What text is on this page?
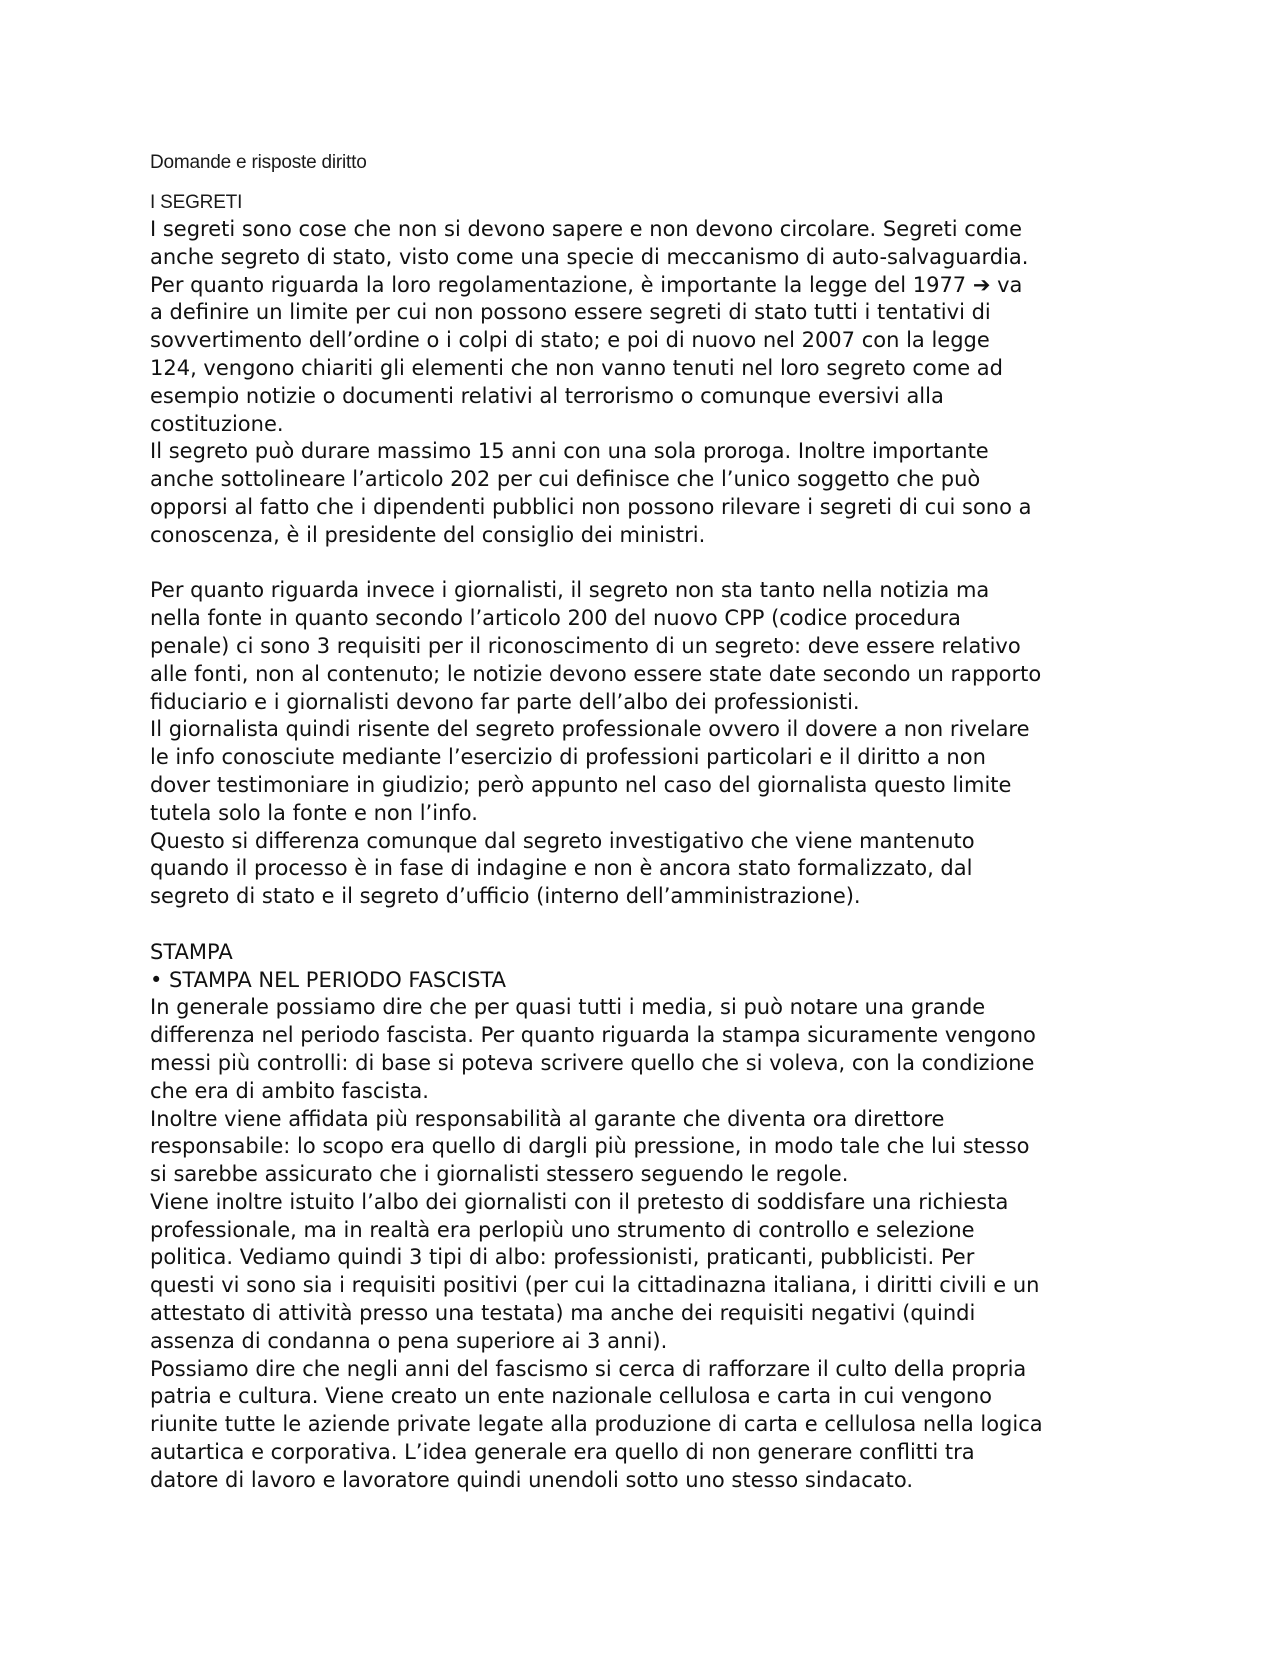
Domande e risposte diritto

I SEGRETI

I segreti sono cose che non si devono sapere e non devono circolare. Segreti come
anche segreto di stato, visto come una specie di meccanismo di auto-salvaguardia.
Per quanto riguarda la loro regolamentazione, è importante la legge del 1977 ➔ va
a definire un limite per cui non possono essere segreti di stato tutti i tentativi di
sovvertimento dell’ordine o i colpi di stato; e poi di nuovo nel 2007 con la legge
124, vengono chiariti gli elementi che non vanno tenuti nel loro segreto come ad
esempio notizie o documenti relativi al terrorismo o comunque eversivi alla
costituzione.
Il segreto può durare massimo 15 anni con una sola proroga. Inoltre importante
anche sottolineare l’articolo 202 per cui definisce che l’unico soggetto che può
opporsi al fatto che i dipendenti pubblici non possono rilevare i segreti di cui sono a
conoscenza, è il presidente del consiglio dei ministri.

Per quanto riguarda invece i giornalisti, il segreto non sta tanto nella notizia ma
nella fonte in quanto secondo l’articolo 200 del nuovo CPP (codice procedura
penale) ci sono 3 requisiti per il riconoscimento di un segreto: deve essere relativo
alle fonti, non al contenuto; le notizie devono essere state date secondo un rapporto
fiduciario e i giornalisti devono far parte dell’albo dei professionisti.
Il giornalista quindi risente del segreto professionale ovvero il dovere a non rivelare
le info conosciute mediante l’esercizio di professioni particolari e il diritto a non
dover testimoniare in giudizio; però appunto nel caso del giornalista questo limite
tutela solo la fonte e non l’info.
Questo si differenza comunque dal segreto investigativo che viene mantenuto
quando il processo è in fase di indagine e non è ancora stato formalizzato, dal
segreto di stato e il segreto d’ufficio (interno dell’amministrazione).

STAMPA
• STAMPA NEL PERIODO FASCISTA
In generale possiamo dire che per quasi tutti i media, si può notare una grande
differenza nel periodo fascista. Per quanto riguarda la stampa sicuramente vengono
messi più controlli: di base si poteva scrivere quello che si voleva, con la condizione
che era di ambito fascista.
Inoltre viene affidata più responsabilità al garante che diventa ora direttore
responsabile: lo scopo era quello di dargli più pressione, in modo tale che lui stesso
si sarebbe assicurato che i giornalisti stessero seguendo le regole.
Viene inoltre istuito l’albo dei giornalisti con il pretesto di soddisfare una richiesta
professionale, ma in realtà era perlopiù uno strumento di controllo e selezione
politica. Vediamo quindi 3 tipi di albo: professionisti, praticanti, pubblicisti. Per
questi vi sono sia i requisiti positivi (per cui la cittadinazna italiana, i diritti civili e un
attestato di attività presso una testata) ma anche dei requisiti negativi (quindi
assenza di condanna o pena superiore ai 3 anni).
Possiamo dire che negli anni del fascismo si cerca di rafforzare il culto della propria
patria e cultura. Viene creato un ente nazionale cellulosa e carta in cui vengono
riunite tutte le aziende private legate alla produzione di carta e cellulosa nella logica
autartica e corporativa. L’idea generale era quello di non generare conflitti tra
datore di lavoro e lavoratore quindi unendoli sotto uno stesso sindacato.
